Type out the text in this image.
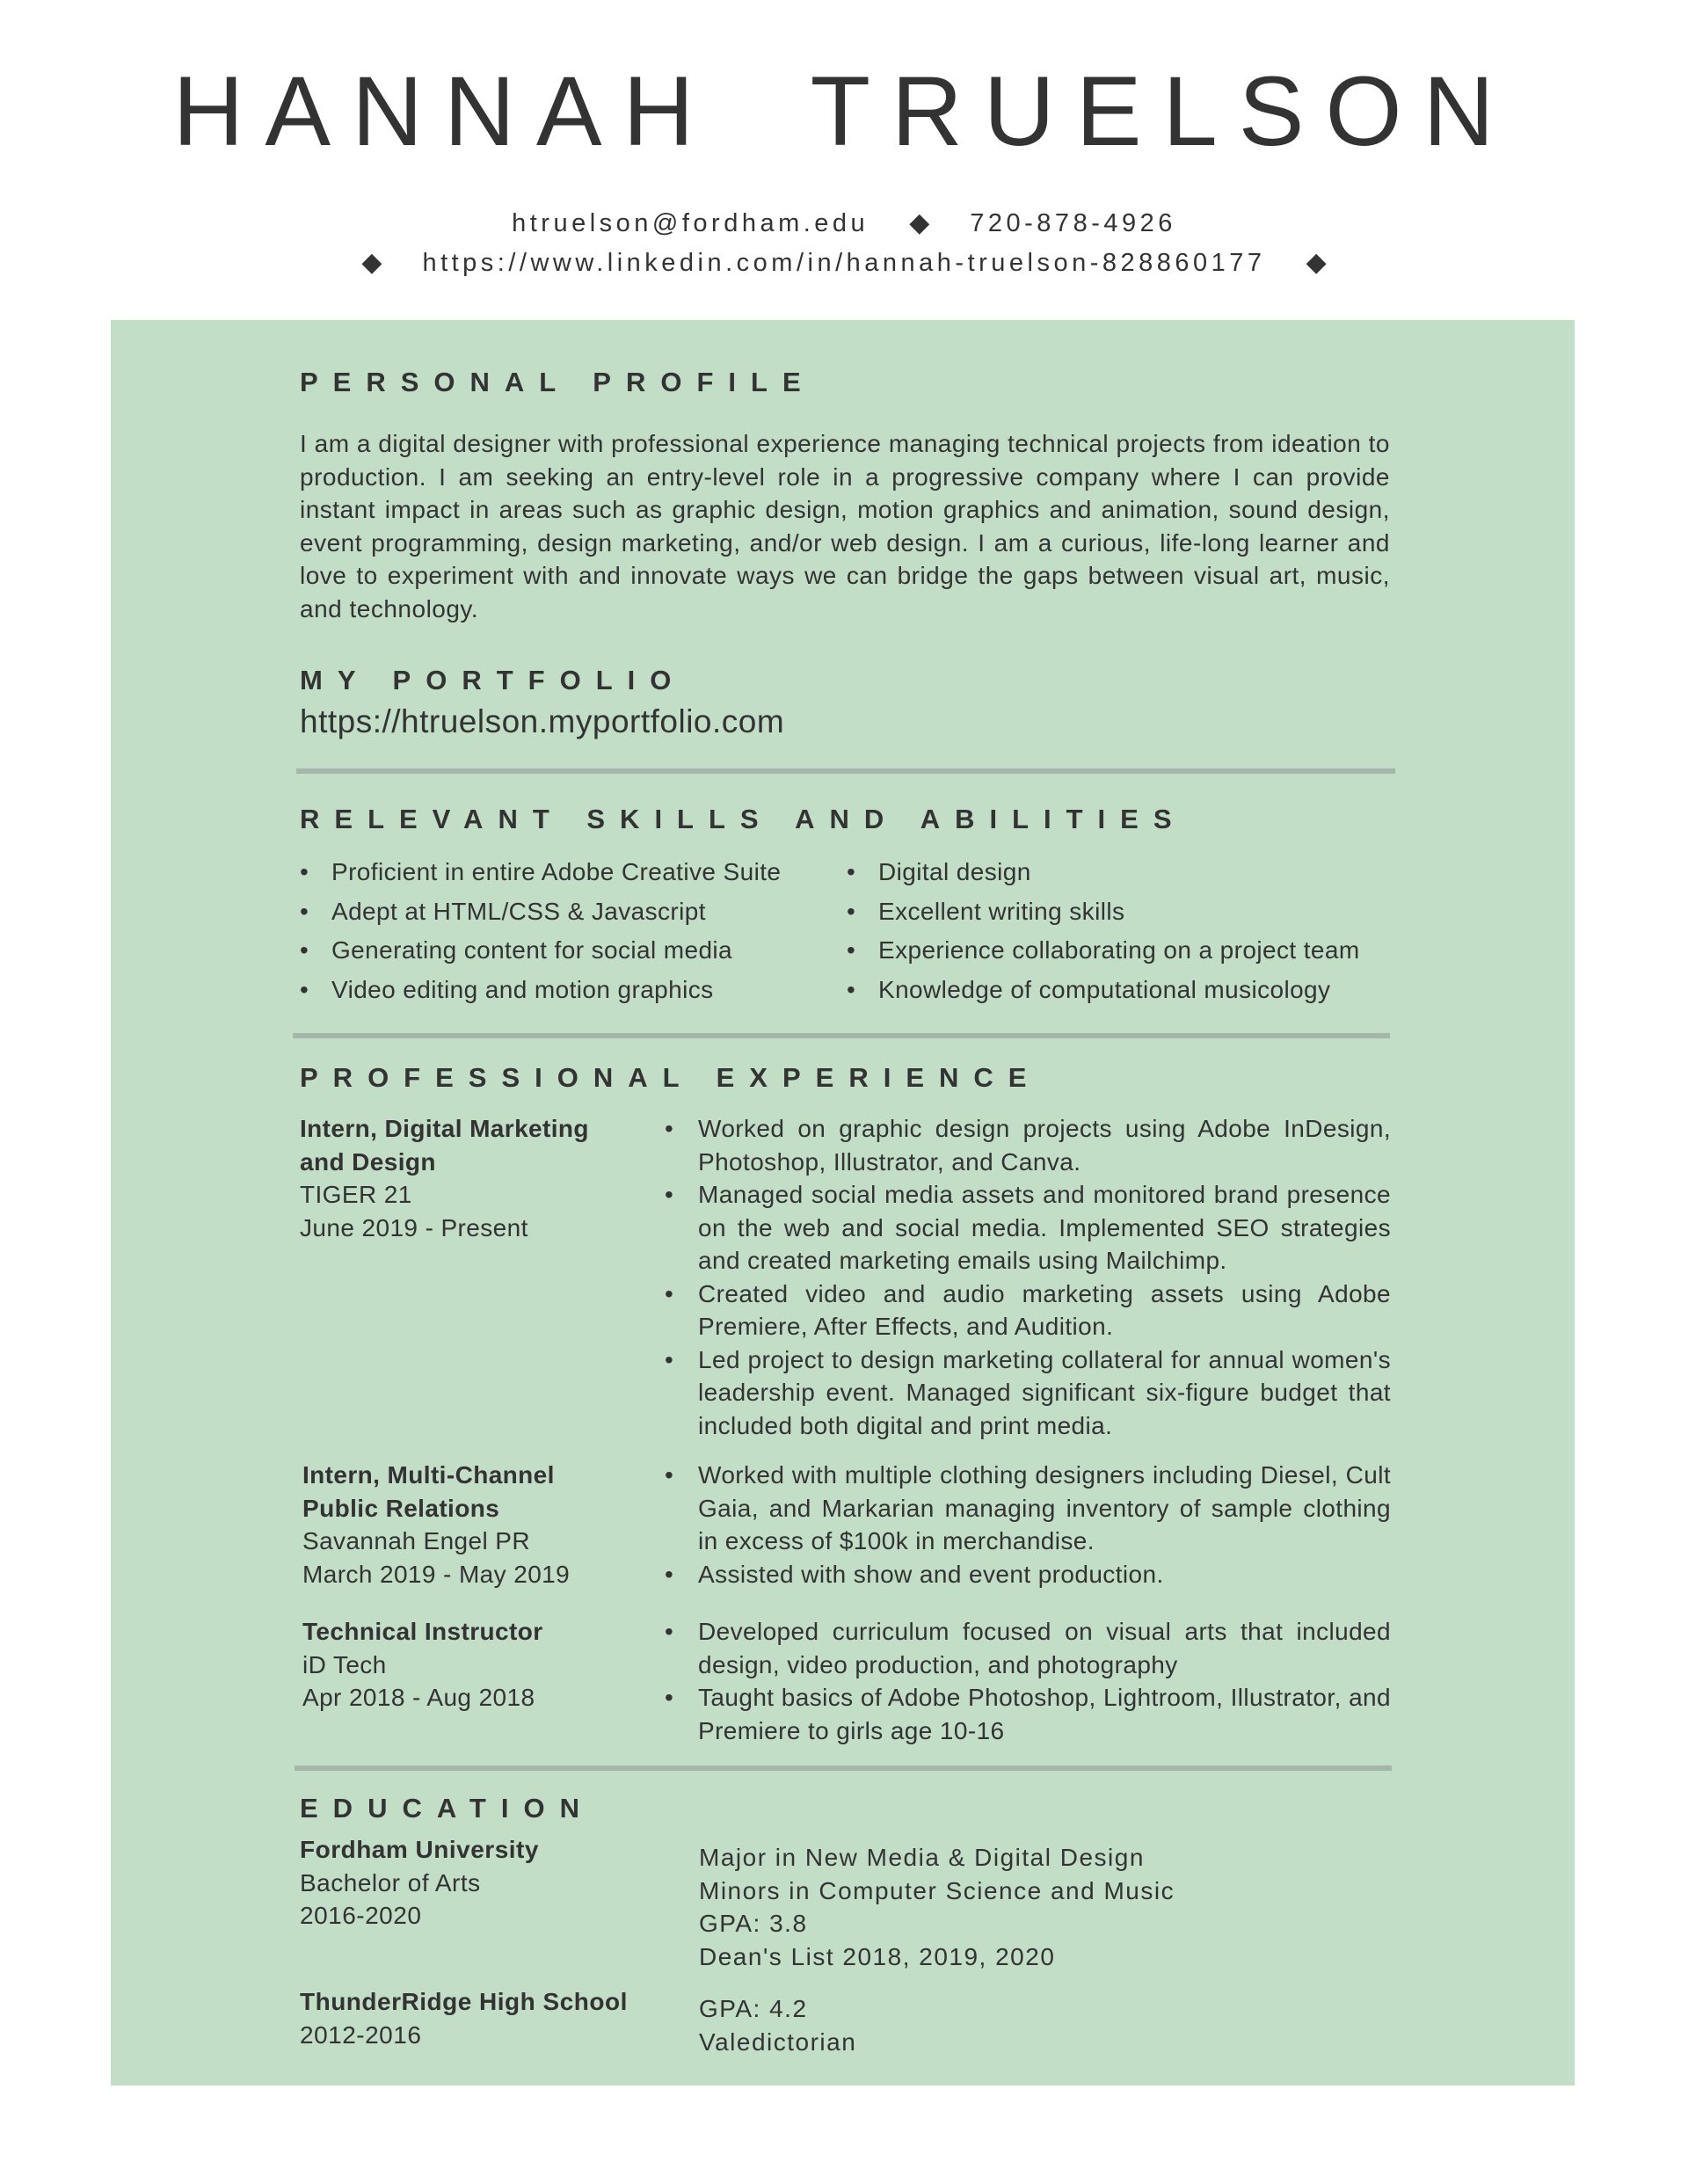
HANNAH  TRUELSON
htruelson@fordham.edu ◆ 720-878-4926
◆ https://www.linkedin.com/in/hannah-truelson-828860177 ◆
PERSONAL PROFILE
I am a digital designer with professional experience managing technical projects from ideation to production. I am seeking an entry-level role in a progressive company where I can provide instant impact in areas such as graphic design, motion graphics and animation, sound design, event programming, design marketing, and/or web design. I am a curious, life-long learner and love to experiment with and innovate ways we can bridge the gaps between visual art, music, and technology.
MY PORTFOLIO
https://htruelson.myportfolio.com
RELEVANT SKILLS AND ABILITIES
• Proficient in entire Adobe Creative Suite
• Adept at HTML/CSS & Javascript
• Generating content for social media
• Video editing and motion graphics
• Digital design
• Excellent writing skills
• Experience collaborating on a project team
• Knowledge of computational musicology
PROFESSIONAL EXPERIENCE
Intern, Digital Marketing and Design
TIGER 21
June 2019 - Present
• Worked on graphic design projects using Adobe InDesign, Photoshop, Illustrator, and Canva.
• Managed social media assets and monitored brand presence on the web and social media. Implemented SEO strategies and created marketing emails using Mailchimp.
• Created video and audio marketing assets using Adobe Premiere, After Effects, and Audition.
• Led project to design marketing collateral for annual women's leadership event. Managed significant six-figure budget that included both digital and print media.
Intern, Multi-Channel Public Relations
Savannah Engel PR
March 2019 - May 2019
• Worked with multiple clothing designers including Diesel, Cult Gaia, and Markarian managing inventory of sample clothing in excess of $100k in merchandise.
• Assisted with show and event production.
Technical Instructor
iD Tech
Apr 2018 - Aug 2018
• Developed curriculum focused on visual arts that included design, video production, and photography
• Taught basics of Adobe Photoshop, Lightroom, Illustrator, and Premiere to girls age 10-16
EDUCATION
Fordham University
Bachelor of Arts
2016-2020
Major in New Media & Digital Design
Minors in Computer Science and Music
GPA: 3.8
Dean's List 2018, 2019, 2020
ThunderRidge High School
2012-2016
GPA: 4.2
Valedictorian
